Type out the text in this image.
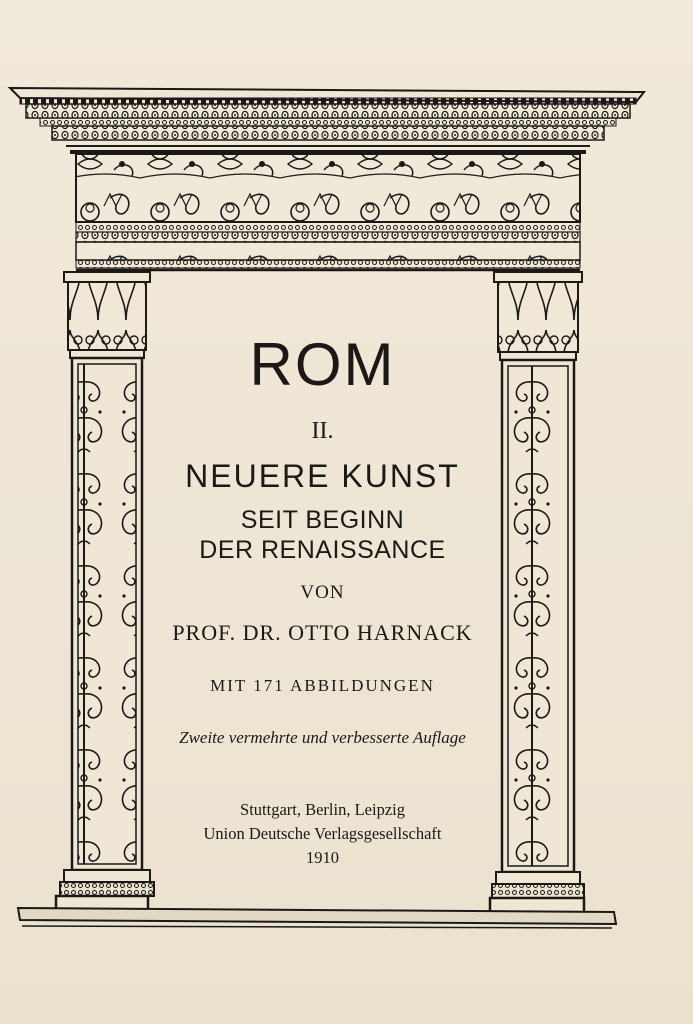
ROM
II.
NEUERE KUNST
SEIT BEGINN
DER RENAISSANCE
VON
PROF. DR. OTTO HARNACK
MIT 171 ABBILDUNGEN
Zweite vermehrte und verbesserte Auflage
Stuttgart, Berlin, Leipzig
Union Deutsche Verlagsgesellschaft
1910
